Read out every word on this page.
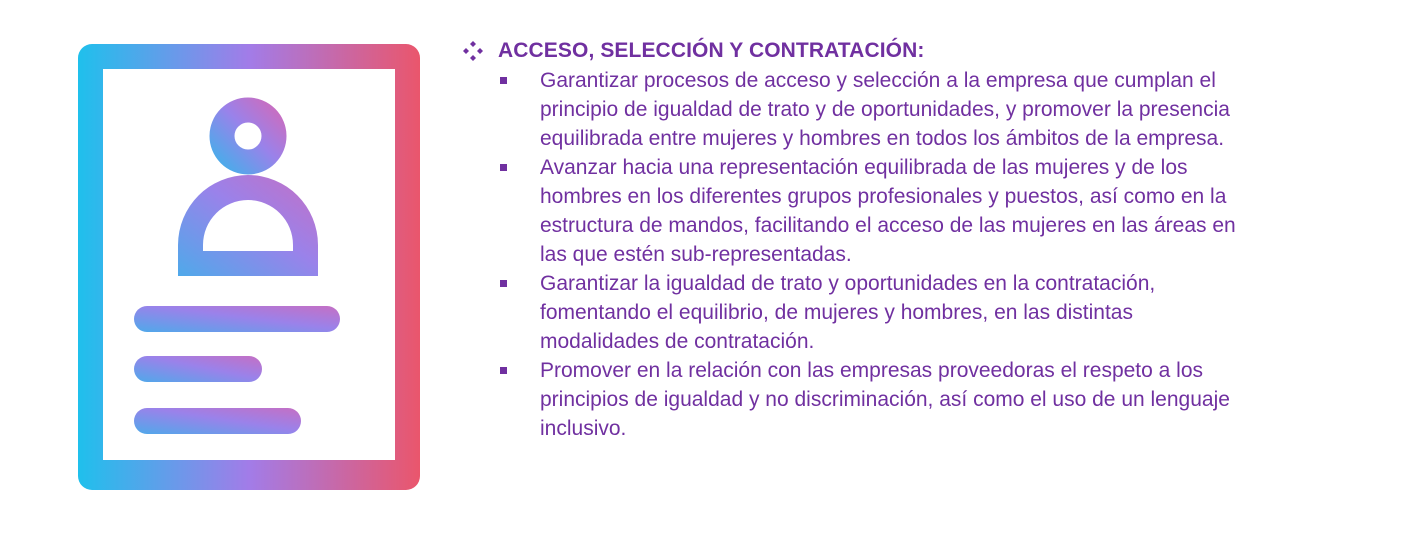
ACCESO, SELECCIÓN Y CONTRATACIÓN:
Garantizar procesos de acceso y selección a la empresa que cumplan el
principio de igualdad de trato y de oportunidades, y promover la presencia
equilibrada entre mujeres y hombres en todos los ámbitos de la empresa.
Avanzar hacia una representación equilibrada de las mujeres y de los
hombres en los diferentes grupos profesionales y puestos, así como en la
estructura de mandos, facilitando el acceso de las mujeres en las áreas en
las que estén sub-representadas.
Garantizar la igualdad de trato y oportunidades en la contratación,
fomentando el equilibrio, de mujeres y hombres, en las distintas
modalidades de contratación.
Promover en la relación con las empresas proveedoras el respeto a los
principios de igualdad y no discriminación, así como el uso de un lenguaje
inclusivo.
